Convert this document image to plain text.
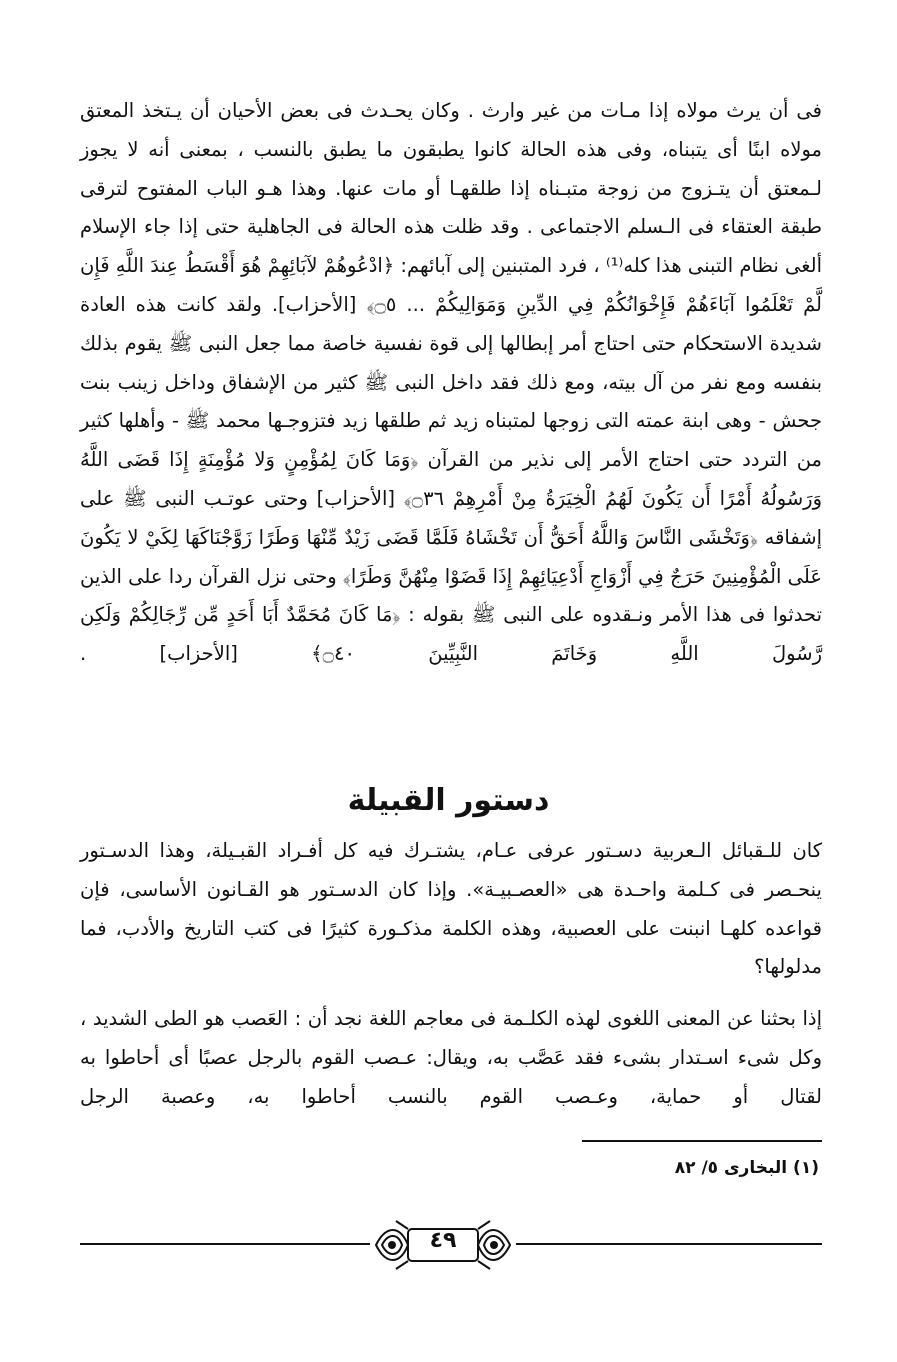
فى أن يرث مولاه إذا مـات من غير وارث . وكان يحـدث فى بعض الأحيان أن يـتخذ المعتق مولاه ابنًا أى يتبناه، وفى هذه الحالة كانوا يطبقون ما يطبق بالنسب ، بمعنى أنه لا يجوز لـمعتق أن يتـزوج من زوجة متبـناه إذا طلقهـا أو مات عنها. وهذا هـو الباب المفتوح لترقى طبقة العتقاء فى الـسلم الاجتماعى . وقد ظلت هذه الحالة فى الجاهلية حتى إذا جاء الإسلام ألغى نظام التبنى هذا كله⁽¹⁾ ، فرد المتبنين إلى آبائهم: ﴿ادْعُوهُمْ لآبَائِهِمْ هُوَ أَقْسَطُ عِندَ اللَّهِ فَإِن لَّمْ تَعْلَمُوا آبَاءَهُمْ فَإِخْوَانُكُمْ فِي الدِّينِ وَمَوَالِيكُمْ ... ۝٥﴾ [الأحزاب]. ولقد كانت هذه العادة شديدة الاستحكام حتى احتاج أمر إبطالها إلى قوة نفسية خاصة مما جعل النبى ﷺ يقوم بذلك بنفسه ومع نفر من آل بيته، ومع ذلك فقد داخل النبى ﷺ كثير من الإشفاق وداخل زينب بنت جحش - وهى ابنة عمته التى زوجها لمتبناه زيد ثم طلقها زيد فتزوجـها محمد ﷺ - وأهلها كثير من التردد حتى احتاج الأمر إلى نذير من القرآن ﴿وَمَا كَانَ لِمُؤْمِنٍ وَلا مُؤْمِنَةٍ إِذَا قَضَى اللَّهُ وَرَسُولُهُ أَمْرًا أَن يَكُونَ لَهُمُ الْخِيَرَةُ مِنْ أَمْرِهِمْ ۝٣٦﴾ [الأحزاب] وحتى عوتـب النبى ﷺ على إشفاقه ﴿وَتَخْشَى النَّاسَ وَاللَّهُ أَحَقُّ أَن تَخْشَاهُ فَلَمَّا قَضَى زَيْدٌ مِّنْهَا وَطَرًا زَوَّجْنَاكَهَا لِكَيْ لا يَكُونَ عَلَى الْمُؤْمِنِينَ حَرَجٌ فِي أَزْوَاجِ أَدْعِيَائِهِمْ إِذَا قَضَوْا مِنْهُنَّ وَطَرًا﴾ وحتى نزل القرآن ردا على الذين تحدثوا فى هذا الأمر ونـقدوه على النبى ﷺ بقوله : ﴿مَا كَانَ مُحَمَّدٌ أَبَا أَحَدٍ مِّن رِّجَالِكُمْ وَلَكِن رَّسُولَ اللَّهِ وَخَاتَمَ النَّبِيِّينَ ۝٤٠﴾ [الأحزاب] .

دستور القبيلة

كان للـقبائل الـعربية دسـتور عرفى عـام، يشتـرك فيه كل أفـراد القبـيلة، وهذا الدسـتور ينحـصر فى كـلمة واحـدة هى «العصـبيـة». وإذا كان الدسـتور هو القـانون الأساسى، فإن قواعده كلهـا انبنت على العصبية، وهذه الكلمة مذكـورة كثيرًا فى كتب التاريخ والأدب، فما مدلولها؟

إذا بحثنا عن المعنى اللغوى لهذه الكلـمة فى معاجم اللغة نجد أن : العَصب هو الطى الشديد ، وكل شىء اسـتدار بشىء فقد عَصَّب به، ويقال: عـصب القوم بالرجل عصبًا أى أحاطوا به لقتال أو حماية، وعـصب القوم بالنسب أحاطوا به، وعصبة الرجل

(١) البخارى ٥/ ٨٢
٤٩
